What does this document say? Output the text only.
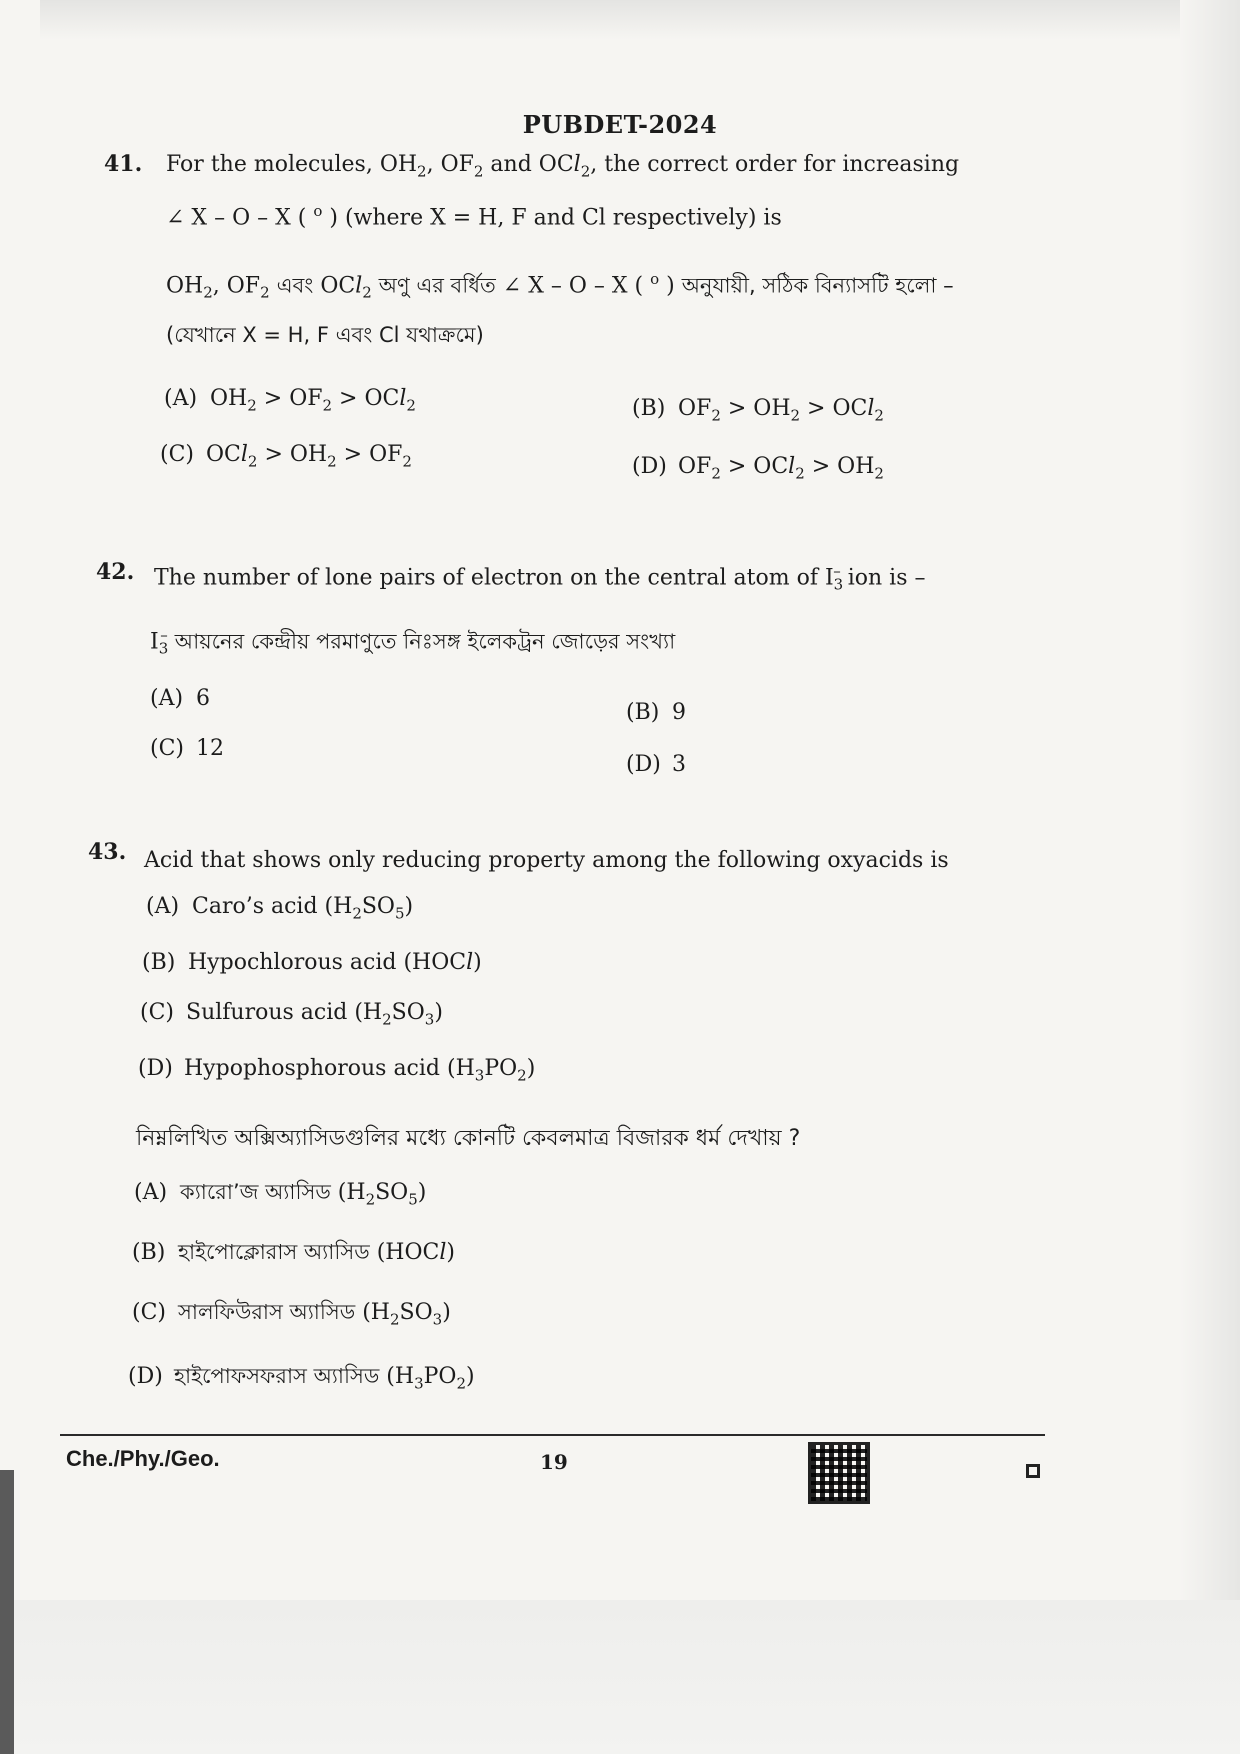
PUBDET-2024
41. For the molecules, $OH_2$, $OF_2$ and OCl$_2$, the correct order for increasing
∠ X – O – X ( $^o$ ) (where X = H, F and Cl respectively) is
$OH_2$, $OF_2$ এবং OCl$_2$ অণু এর বর্ধিত ∠ X – O – X ( $^o$ ) অনুযায়ী, সঠিক বিন্যাসটি হলো –
(যেখানে X = H, F এবং Cl যথাক্রমে)
(A) $OH_2 > OF_2 > OCl_2$	(B) $OF_2 > OH_2 > OCl_2$
(C) $OCl_2 > OH_2 > OF_2$	(D) $OF_2 > OCl_2 > OH_2$
42. The number of lone pairs of electron on the central atom of $I_3^-$ ion is –
$I_3^-$ আয়নের কেন্দ্রীয় পরমাণুতে নিঃসঙ্গ ইলেকট্রন জোড়ের সংখ্যা
(A) 6
(B) 9
(C) 12
(D) 3
43. Acid that shows only reducing property among the following oxyacids is
(A) Caro’s acid $(H_2SO_5)$
(B) Hypochlorous acid (HOCl)
(C) Sulfurous acid $(H_2SO_3)$
(D) Hypophosphorous acid $(H_3PO_2)$
নিম্নলিখিত অক্সিঅ্যাসিডগুলির মধ্যে কোনটি কেবলমাত্র বিজারক ধর্ম দেখায় ?
(A) ক্যারো’জ অ্যাসিড $(H_2SO_5)$
(B) হাইপোক্লোরাস অ্যাসিড (HOCl)
(C) সালফিউরাস অ্যাসিড $(H_2SO_3)$
(D) হাইপোফসফরাস অ্যাসিড $(H_3PO_2)$
Che./Phy./Geo.	19
